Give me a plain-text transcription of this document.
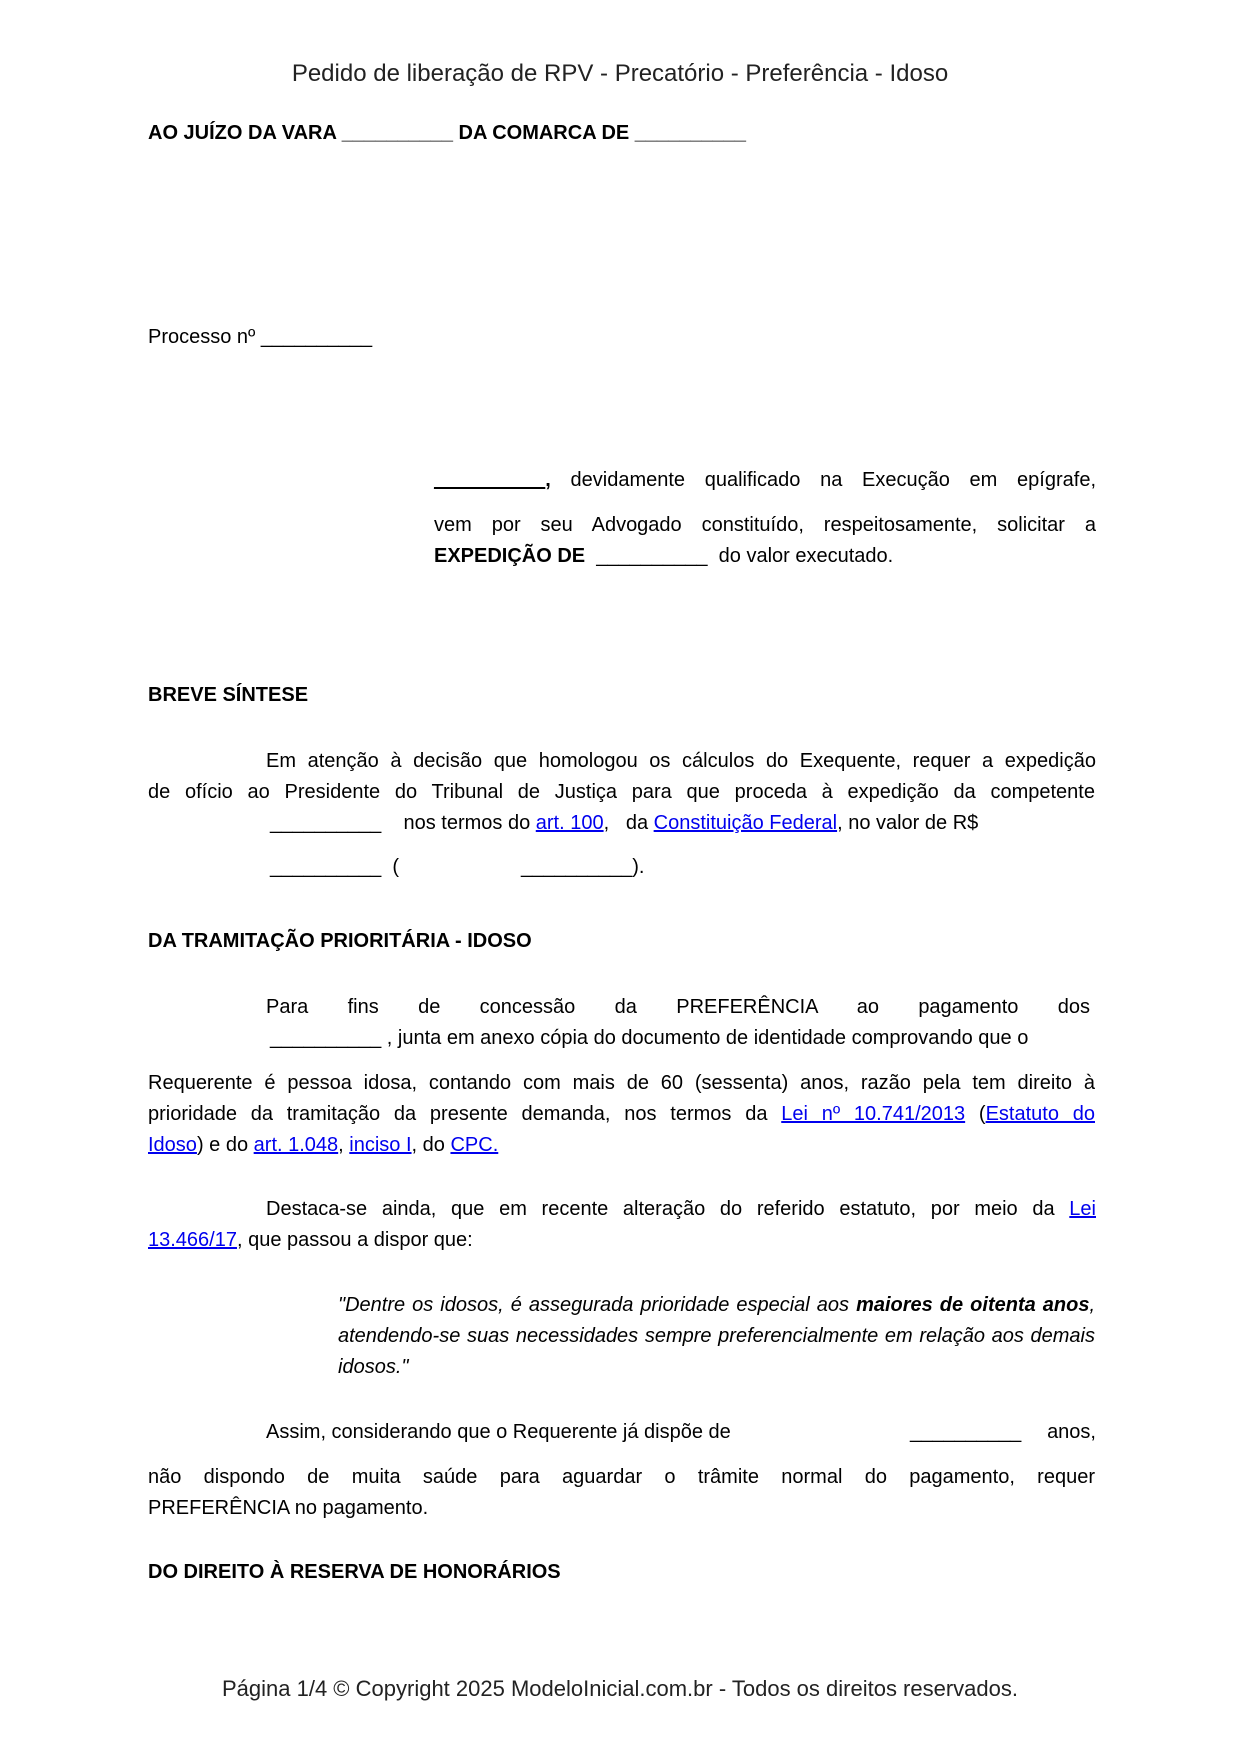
Pedido de liberação de RPV - Precatório - Preferência - Idoso
AO JUÍZO DA VARA __________ DA COMARCA DE __________
Processo nº __________
__________, devidamente qualificado na Execução em epígrafe,
vem por seu Advogado constituído, respeitosamente, solicitar a
EXPEDIÇÃO DE __________ do valor executado.
BREVE SÍNTESE
Em atenção à decisão que homologou os cálculos do Exequente, requer a expedição
de ofício ao Presidente do Tribunal de Justiça para que proceda à expedição da competente
__________ nos termos do art. 100, da Constituição Federal, no valor de R$
__________ (	__________).
DA TRAMITAÇÃO PRIORITÁRIA - IDOSO
Para fins de concessão da PREFERÊNCIA ao pagamento dos
__________ , junta em anexo cópia do documento de identidade comprovando que o
Requerente é pessoa idosa, contando com mais de 60 (sessenta) anos, razão pela tem direito à
prioridade da tramitação da presente demanda, nos termos da Lei nº 10.741/2013 (Estatuto do
Idoso) e do art. 1.048, inciso I, do CPC.
Destaca-se ainda, que em recente alteração do referido estatuto, por meio da Lei
13.466/17, que passou a dispor que:
"Dentre os idosos, é assegurada prioridade especial aos maiores de oitenta anos, atendendo-se suas necessidades sempre preferencialmente em relação aos demais idosos."
Assim, considerando que o Requerente já dispõe de	__________ anos,
não dispondo de muita saúde para aguardar o trâmite normal do pagamento, requer
PREFERÊNCIA no pagamento.
DO DIREITO À RESERVA DE HONORÁRIOS
Página 1/4 © Copyright 2025 ModeloInicial.com.br - Todos os direitos reservados.
